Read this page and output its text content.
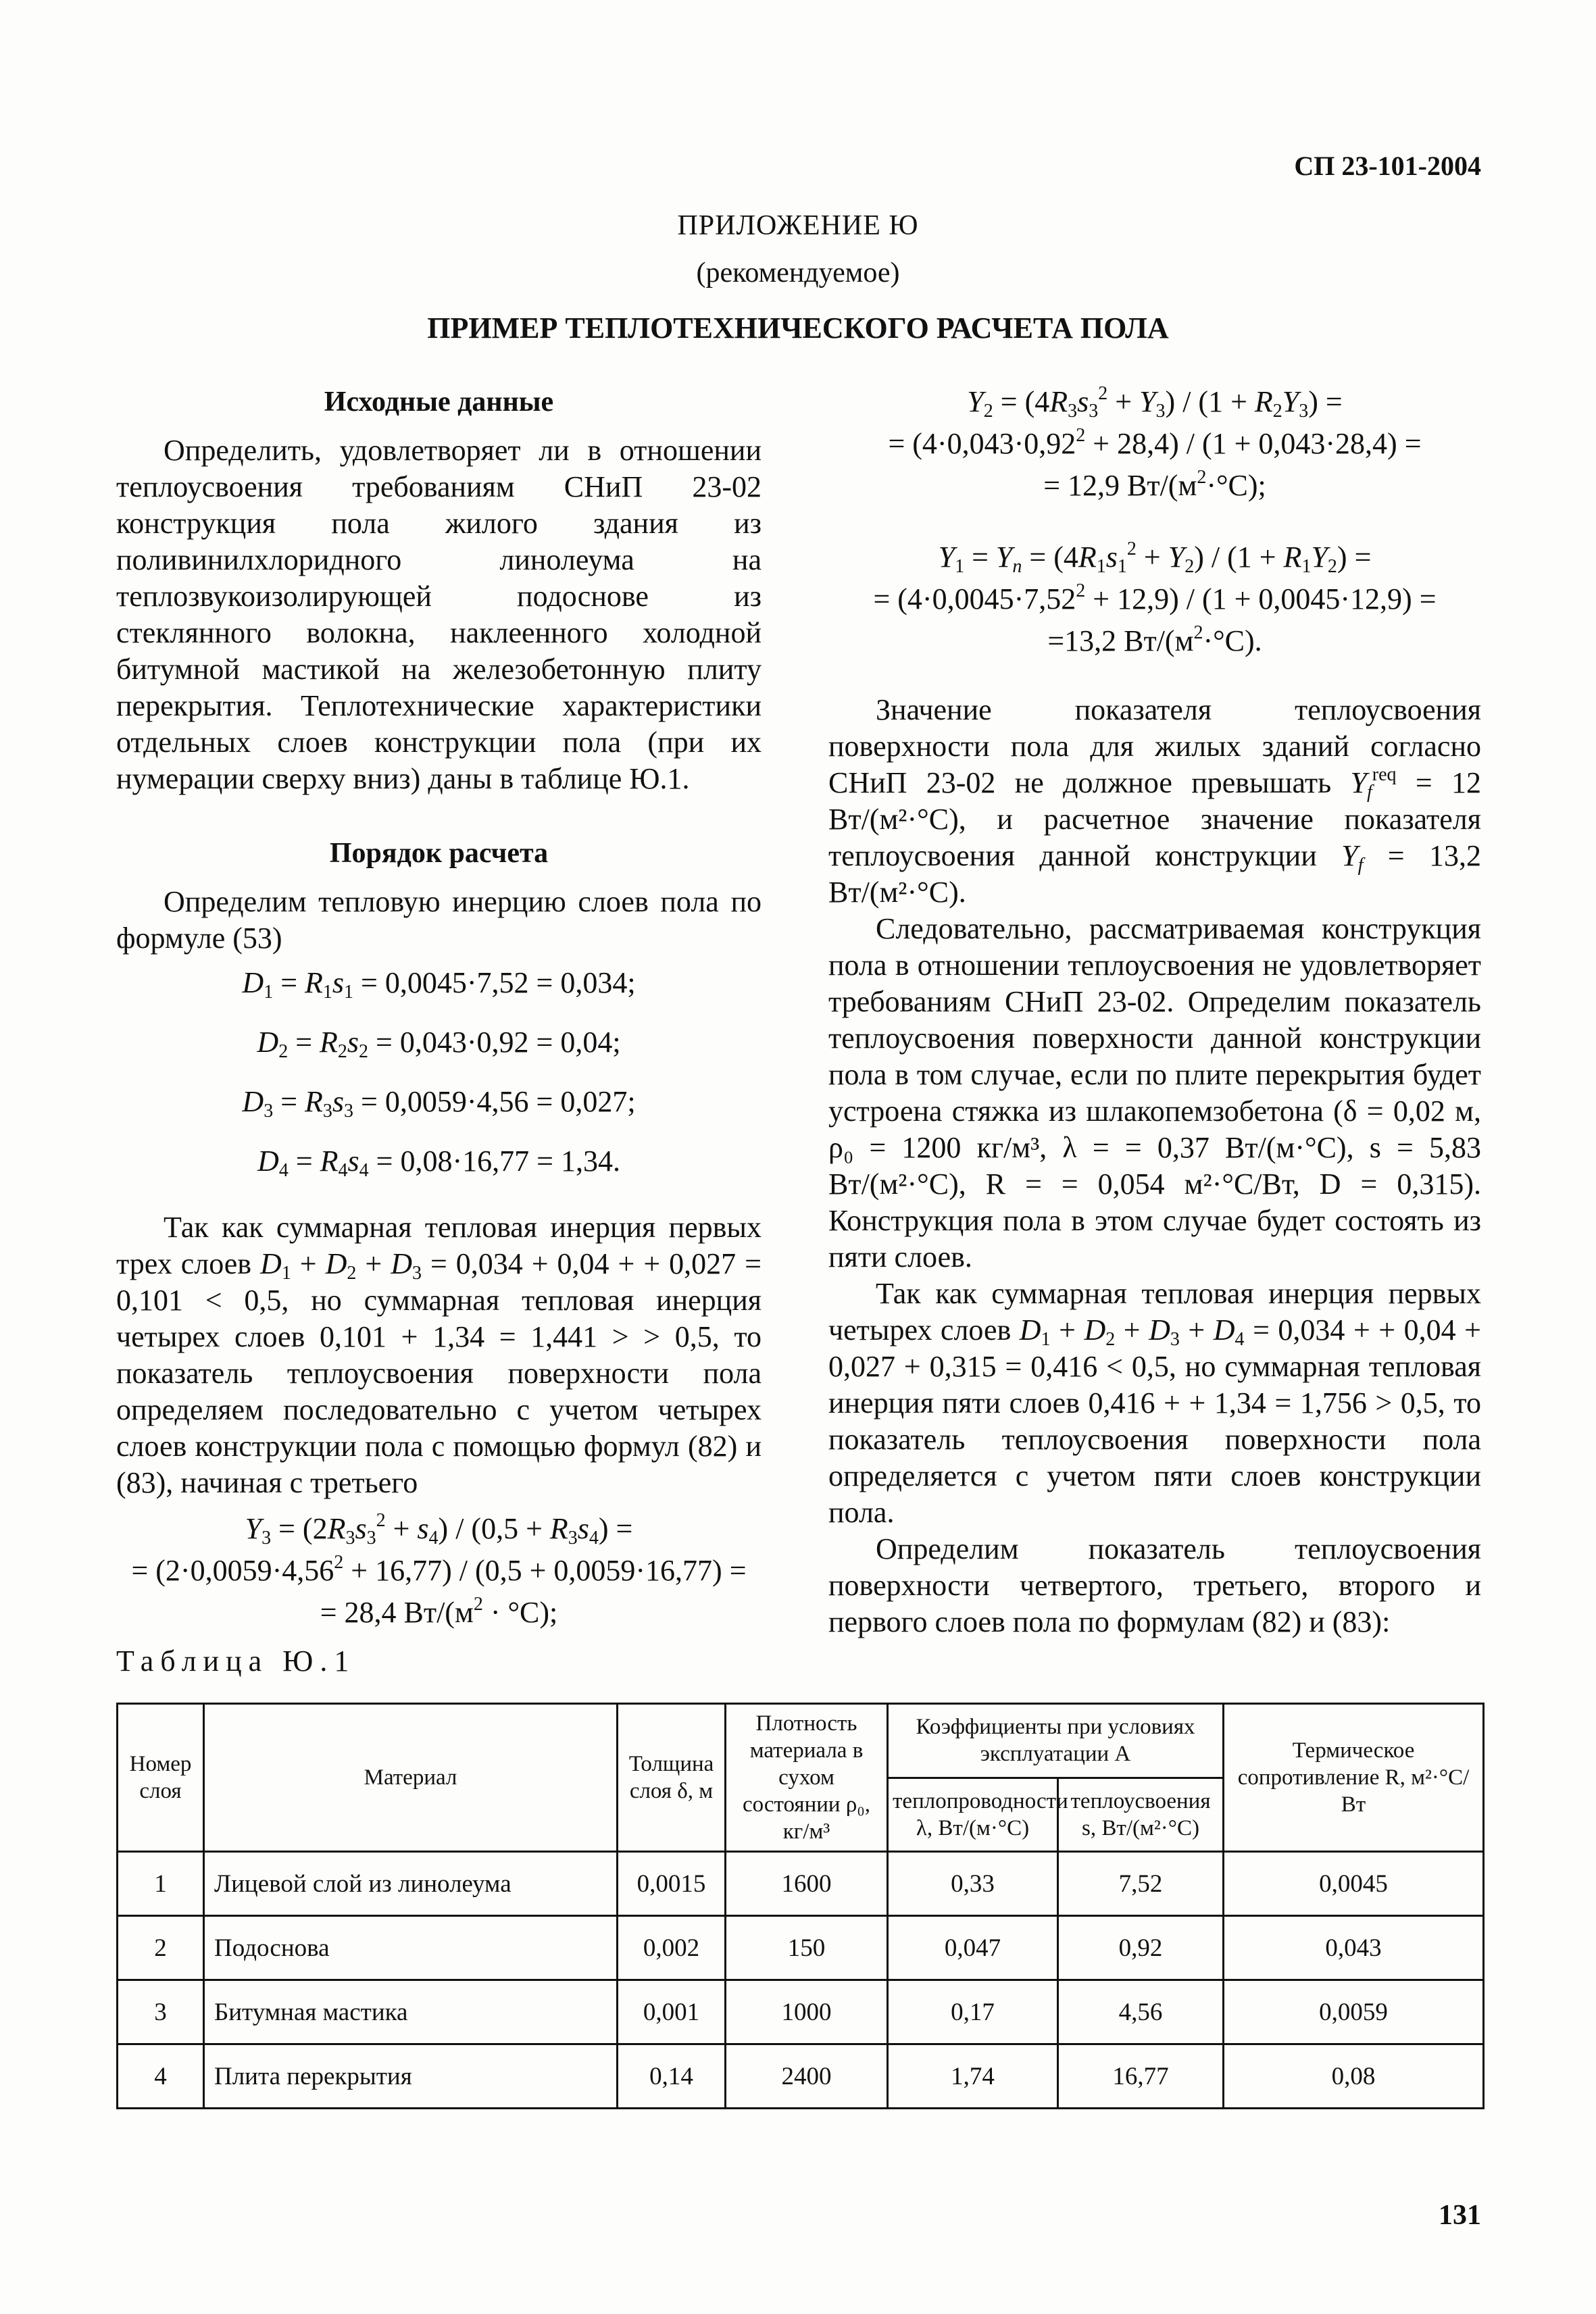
СП 23-101-2004
ПРИЛОЖЕНИЕ Ю
(рекомендуемое)
ПРИМЕР ТЕПЛОТЕХНИЧЕСКОГО РАСЧЕТА ПОЛА
Исходные данные

Определить, удовлетворяет ли в отношении теплоусвоения требованиям СНиП 23-02 конструкция пола жилого здания из поливинилхлоридного линолеума на теплозвукоизолирующей подоснове из стеклянного волокна, наклеенного холодной битумной мастикой на железобетонную плиту перекрытия. Теплотехнические характеристики отдельных слоев конструкции пола (при их нумерации сверху вниз) даны в таблице Ю.1.

Порядок расчета

Определим тепловую инерцию слоев пола по формуле (53)

$D_1 = R_1s_1 = 0,0045\cdot 7,52 = 0,034$;
$D_2 = R_2s_2 = 0,043\cdot 0,92 = 0,04$;
$D_3 = R_3s_3 = 0,0059\cdot 4,56 = 0,027$;
$D_4 = R_4s_4 = 0,08\cdot 16,77 = 1,34$.

Так как суммарная тепловая инерция первых трех слоев $D_1 + D_2 + D_3 = 0,034 + 0,04$ + + 0,027 = 0,101 < 0,5, но суммарная тепловая инерция четырех слоев 0,101 + 1,34 = 1,441 > > 0,5, то показатель теплоусвоения поверхности пола определяем последовательно с учетом четырех слоев конструкции пола с помощью формул (82) и (83), начиная с третьего

$Y_3 = (2R_3s_3^2 + s_4) / (0,5 + R_3s_4)$ =
= $(2\cdot 0,0059\cdot 4,56^2 + 16,77) / (0,5 + 0,0059\cdot 16,77)$ =
= 28,4 $Вт/(м^2 \cdot ^\circ С)$;
$Y_2 = (4R_3s_3^2 + Y_3) / (1 + R_2Y_3)$ =
= $(4\cdot 0,043\cdot 0,92^2 + 28,4) / (1 + 0,043\cdot 28,4)$ =
= 12,9 $Вт/(м^2\cdot^\circ С)$;
$Y_1 = Y_n = (4R_1s_1^2 + Y_2) / (1 + R_1Y_2)$ =
= $(4\cdot 0,0045\cdot 7,52^2 + 12,9) / (1 + 0,0045\cdot 12,9)$ =
=13,2 $Вт/(м^2\cdot^\circ С)$.

Значение показателя теплоусвоения поверхности пола для жилых зданий согласно СНиП 23-02 не должное превышать $Y_f^{req} = 12$ Вт/(м²·°С), и расчетное значение показателя теплоусвоения данной конструкции $Y_f = 13,2$ Вт/(м²·°С).

Следовательно, рассматриваемая конструкция пола в отношении теплоусвоения не удовлетворяет требованиям СНиП 23-02. Определим показатель теплоусвоения поверхности данной конструкции пола в том случае, если по плите перекрытия будет устроена стяжка из шлакопемзобетона (δ = 0,02 м, ρ₀ = 1200 кг/м³, λ = = 0,37 Вт/(м·°С), s = 5,83 Вт/(м²·°С), R = = 0,054 м²·°С/Вт, D = 0,315). Конструкция пола в этом случае будет состоять из пяти слоев.

Так как суммарная тепловая инерция первых четырех слоев $D_1 + D_2 + D_3 + D_4 = 0,034$ + + 0,04 + 0,027 + 0,315 = 0,416 < 0,5, но суммарная тепловая инерция пяти слоев 0,416 + + 1,34 = 1,756 > 0,5, то показатель теплоусвоения поверхности пола определяется с учетом пяти слоев конструкции пола.

Определим показатель теплоусвоения поверхности четвертого, третьего, второго и первого слоев пола по формулам (82) и (83):

Таблица Ю.1
Номер слоя	Материал	Толщина слоя δ, м	Плотность материала в сухом состоянии ρ₀, кг/м³	Коэффициенты при условиях эксплуатации А		Термическое сопротивление R, м²·°С/Вт
				теплопроводности λ, Вт/(м·°С)	теплоусвоения s, Вт/(м²·°С)	
1	Лицевой слой из линолеума	0,0015	1600	0,33	7,52	0,0045
2	Подоснова	0,002	150	0,047	0,92	0,043
3	Битумная мастика	0,001	1000	0,17	4,56	0,0059
4	Плита перекрытия	0,14	2400	1,74	16,77	0,08
131
